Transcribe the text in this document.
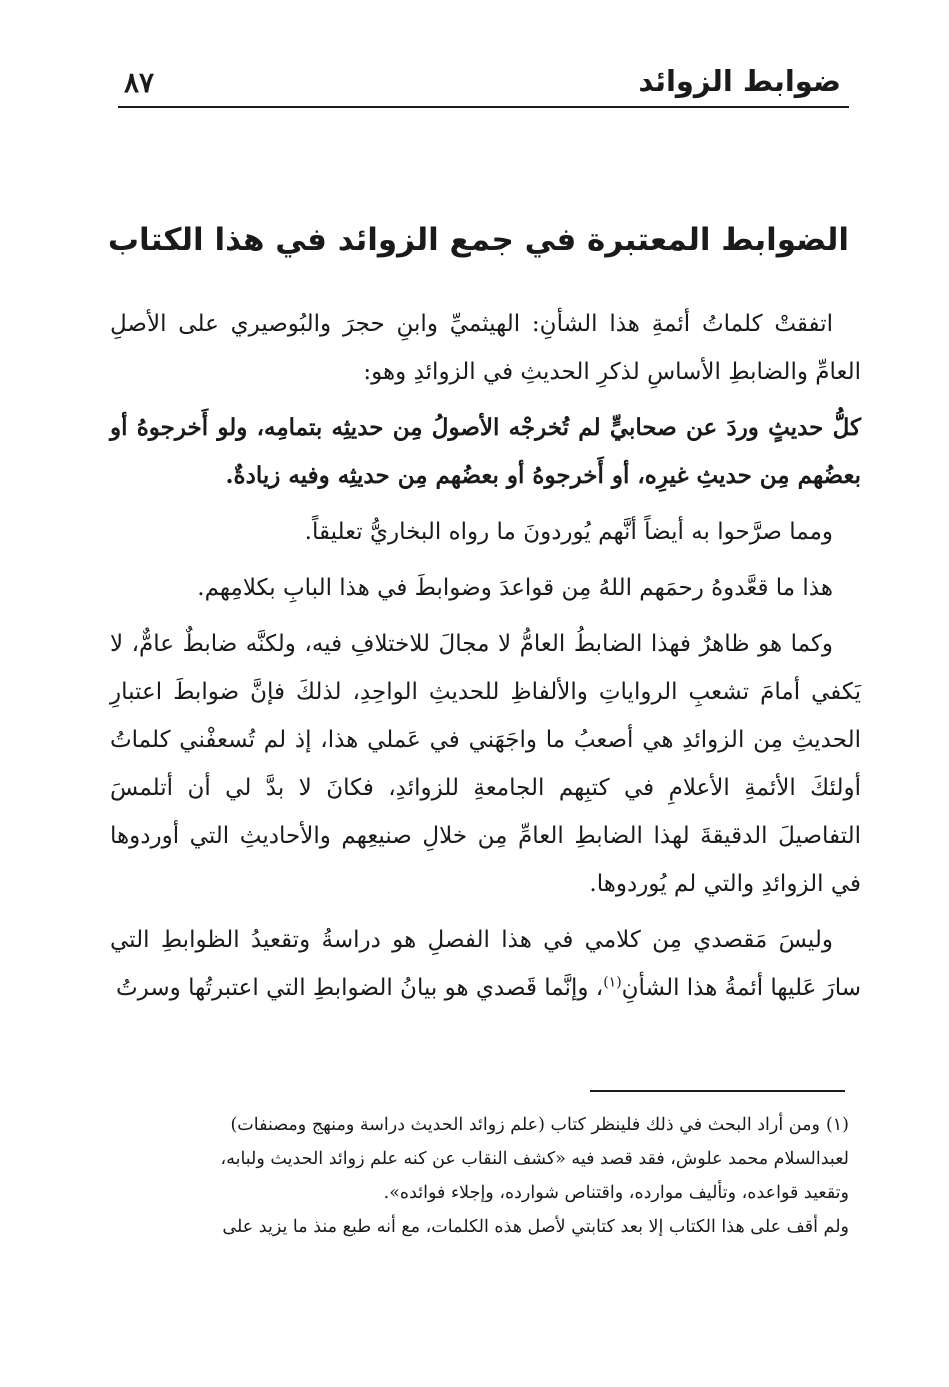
ضوابط الزوائد
٨٧
الضوابط المعتبرة في جمع الزوائد في هذا الكتاب

اتفقتْ كلماتُ أئمةِ هذا الشأنِ: الهيثميِّ وابنِ حجرَ والبُوصيري على الأصلِ العامِّ والضابطِ الأساسِ لذكرِ الحديثِ في الزوائدِ وهو:

كلُّ حديثٍ وردَ عن صحابيٍّ لم تُخرجْه الأصولُ مِن حديثِه بتمامِه، ولو أَخرجوهُ أو بعضُهم مِن حديثِ غيرِه، أو أَخرجوهُ أو بعضُهم مِن حديثِه وفيه زيادةٌ.

ومما صرَّحوا به أيضاً أنَّهم يُوردونَ ما رواه البخاريُّ تعليقاً.

هذا ما قعَّدوهُ رحمَهم اللهُ مِن قواعدَ وضوابطَ في هذا البابِ بكلامِهم.

وكما هو ظاهرٌ فهذا الضابطُ العامُّ لا مجالَ للاختلافِ فيه، ولكنَّه ضابطٌ عامٌّ، لا يَكفي أمامَ تشعبِ الرواياتِ والألفاظِ للحديثِ الواحِدِ، لذلكَ فإنَّ ضوابطَ اعتبارِ الحديثِ مِن الزوائدِ هي أصعبُ ما واجَهَني في عَملي هذا، إذ لم تُسعفْني كلماتُ أولئكَ الأئمةِ الأعلامِ في كتبِهم الجامعةِ للزوائدِ، فكانَ لا بدَّ لي أن أتلمسَ التفاصيلَ الدقيقةَ لهذا الضابطِ العامِّ مِن خلالِ صنيعِهم والأحاديثِ التي أوردوها في الزوائدِ والتي لم يُوردوها.

وليسَ مَقصدي مِن كلامي في هذا الفصلِ هو دراسةُ وتقعيدُ الظوابطِ التي سارَ عَليها أئمةُ هذا الشأنِ$^{(١)}$، وإنَّما قَصدي هو بيانُ الضوابطِ التي اعتبرتُها وسرتُ

(١)ومن أراد البحث في ذلك فلينظر كتاب (علم زوائد الحديث دراسة ومنهج ومصنفات)

لعبدالسلام محمد علوش، فقد قصد فيه «كشف النقاب عن كنه علم زوائد الحديث ولبابه،

وتقعيد قواعده، وتأليف موارده، واقتناص شوارده، وإجلاء فوائده».

ولم أقف على هذا الكتاب إلا بعد كتابتي لأصل هذه الكلمات، مع أنه طبع منذ ما يزيد على
